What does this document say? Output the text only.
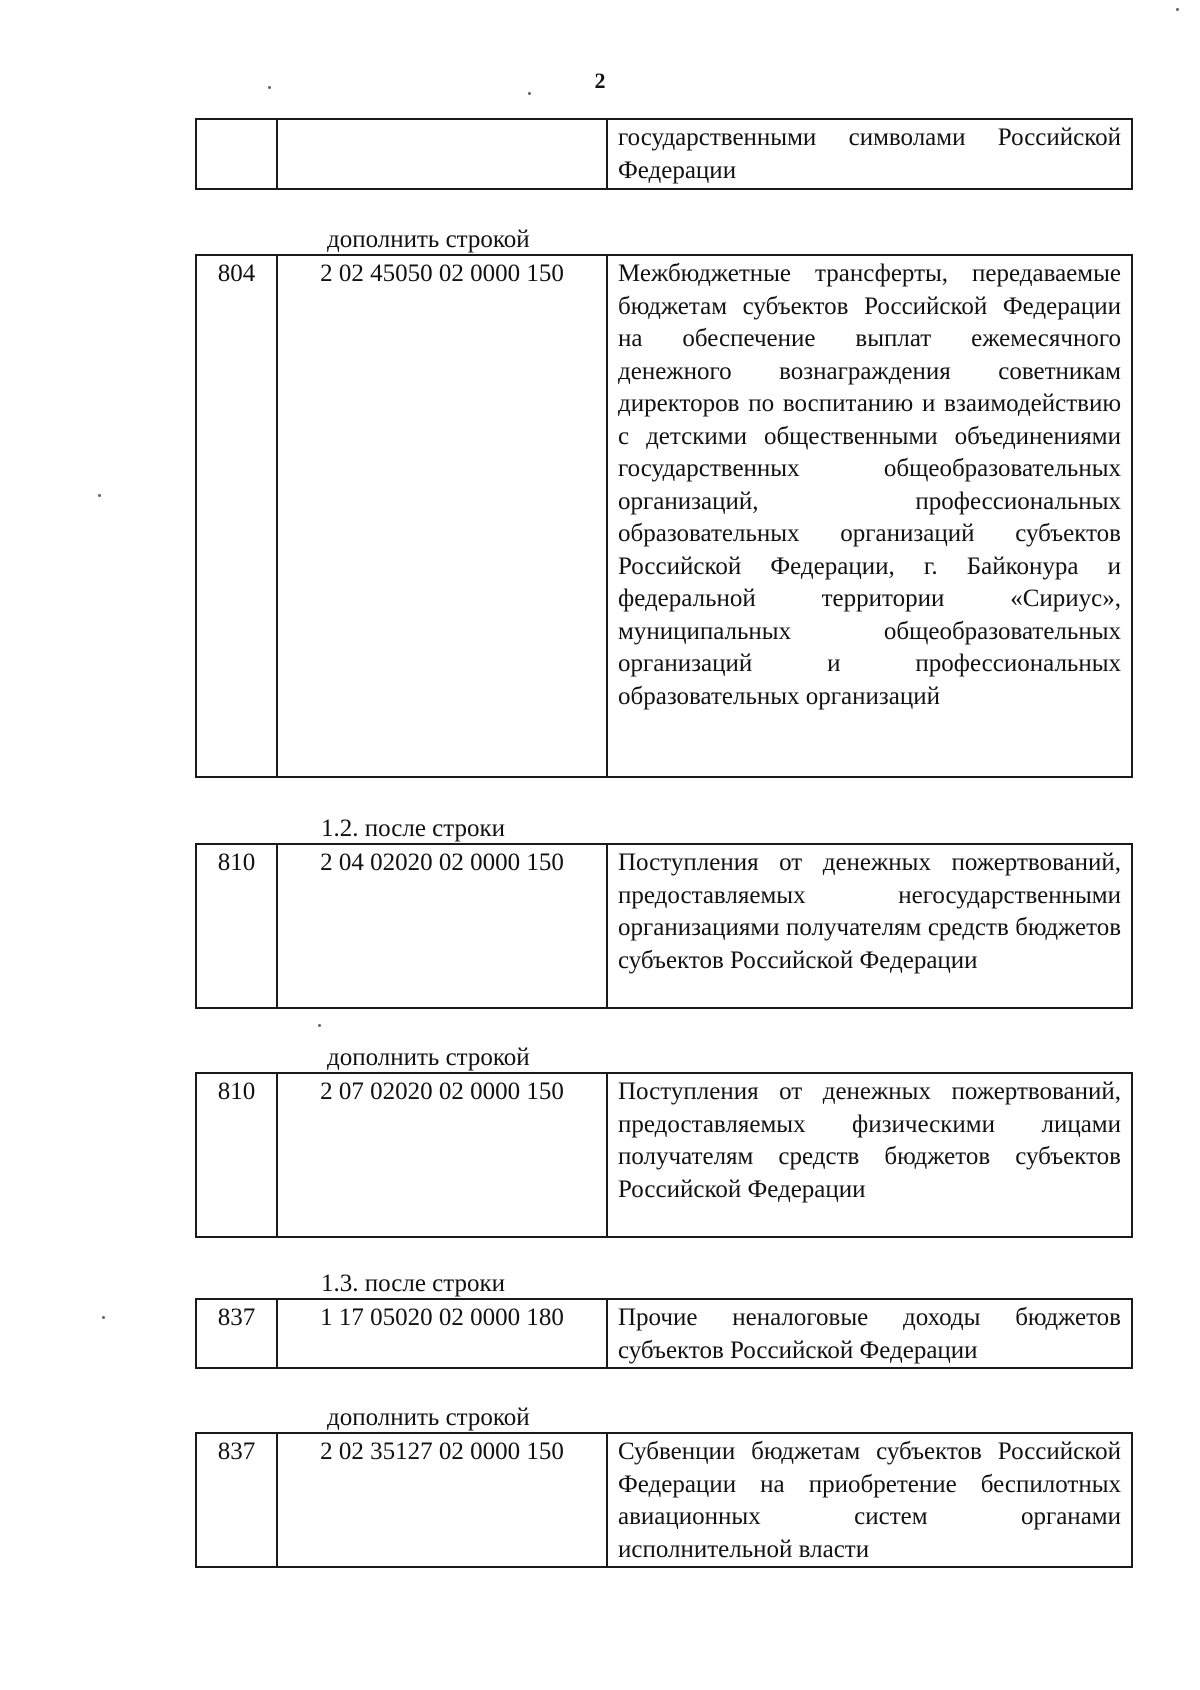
2
		государственными символами Российской Федерации
дополнить строкой
804	2 02 45050 02 0000 150	Межбюджетные трансферты, передаваемые бюджетам субъектов Российской Федерации на обеспечение выплат ежемесячного денежного вознаграждения советникам директоров по воспитанию и взаимодействию с детскими общественными объединениями государственных общеобразовательных организаций, профессиональных образовательных организаций субъектов Российской Федерации, г. Байконура и федеральной территории «Сириус», муниципальных общеобразовательных организаций и профессиональных образовательных организаций
1.2. после строки
810	2 04 02020 02 0000 150	Поступления от денежных пожертвований, предоставляемых негосударственными организациями получателям средств бюджетов субъектов Российской Федерации
дополнить строкой
810	2 07 02020 02 0000 150	Поступления от денежных пожертвований, предоставляемых физическими лицами получателям средств бюджетов субъектов Российской Федерации
1.3. после строки
837	1 17 05020 02 0000 180	Прочие неналоговые доходы бюджетов субъектов Российской Федерации
дополнить строкой
837	2 02 35127 02 0000 150	Субвенции бюджетам субъектов Российской Федерации на приобретение беспилотных авиационных систем органами исполнительной власти
